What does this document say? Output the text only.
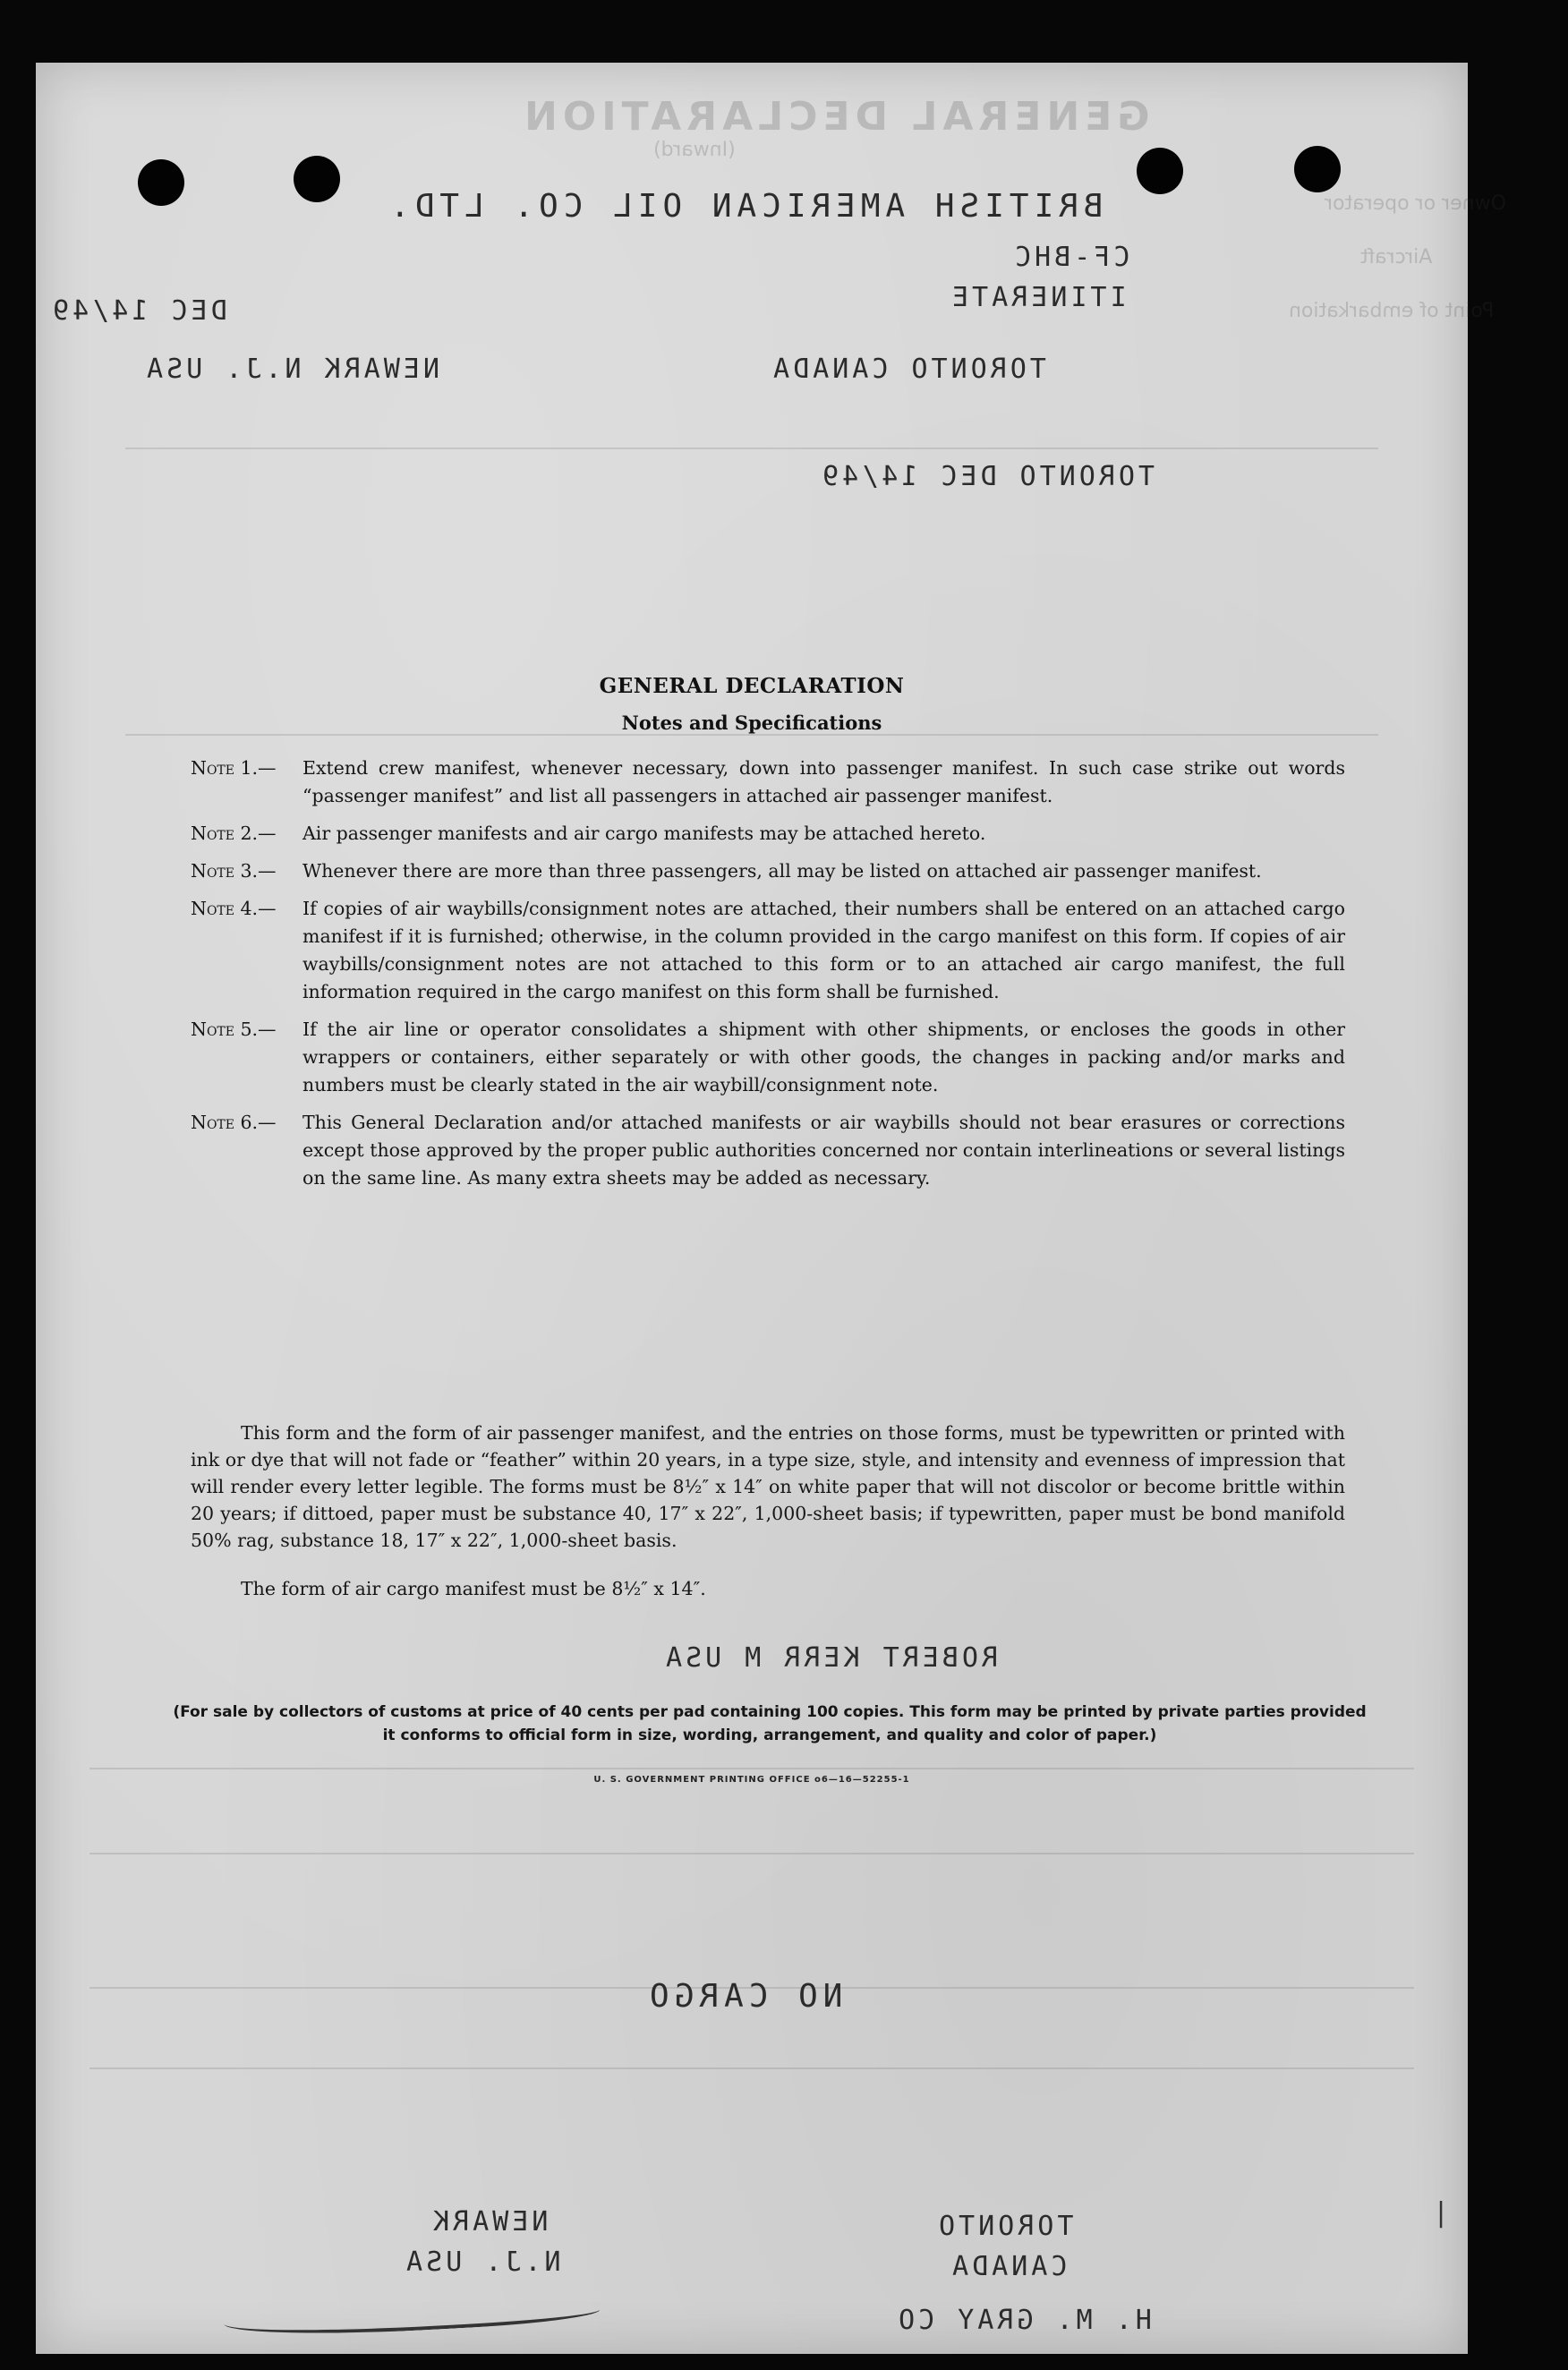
GENERAL DECLARATION
(Inward)
Owner or operator
Aircraft
Point of embarkation
BRITISH AMERICAN OIL CO. LTD.
CF-BHC
ITINERATE
DEC 14/49
TORONTO CANADA
NEWARK N.J. USA
TORONTO DEC 14/49
ROBERT KERR M USA
NO CARGO
NEWARK
N.J. USA
TORONTO
CANADA
H. M. GRAY CO
|
GENERAL DECLARATION
Notes and Specifications
Note 1.—	Extend crew manifest, whenever necessary, down into passenger manifest. In such case strike out words “passenger manifest” and list all passengers in attached air passenger manifest.
Note 2.—	Air passenger manifests and air cargo manifests may be attached hereto.
Note 3.—	Whenever there are more than three passengers, all may be listed on attached air passenger manifest.
Note 4.—	If copies of air waybills/consignment notes are attached, their numbers shall be entered on an attached cargo manifest if it is furnished; otherwise, in the column provided in the cargo manifest on this form. If copies of air waybills/consignment notes are not attached to this form or to an attached air cargo manifest, the full information required in the cargo manifest on this form shall be furnished.
Note 5.—	If the air line or operator consolidates a shipment with other shipments, or encloses the goods in other wrappers or containers, either separately or with other goods, the changes in packing and/or marks and numbers must be clearly stated in the air waybill/consignment note.
Note 6.—	This General Declaration and/or attached manifests or air waybills should not bear erasures or corrections except those approved by the proper public authorities concerned nor contain interlineations or several listings on the same line. As many extra sheets may be added as necessary.
This form and the form of air passenger manifest, and the entries on those forms, must be typewritten or printed with ink or dye that will not fade or “feather” within 20 years, in a type size, style, and intensity and evenness of impression that will render every letter legible. The forms must be 8½″ x 14″ on white paper that will not discolor or become brittle within 20 years; if dittoed, paper must be substance 40, 17″ x 22″, 1,000-sheet basis; if typewritten, paper must be bond manifold 50% rag, substance 18, 17″ x 22″, 1,000-sheet basis.
The form of air cargo manifest must be 8½″ x 14″.
(For sale by collectors of customs at price of 40 cents per pad containing 100 copies. This form may be printed by private parties provided it conforms to official form in size, wording, arrangement, and quality and color of paper.)
U. S. GOVERNMENT PRINTING OFFICE o6—16—52255-1
